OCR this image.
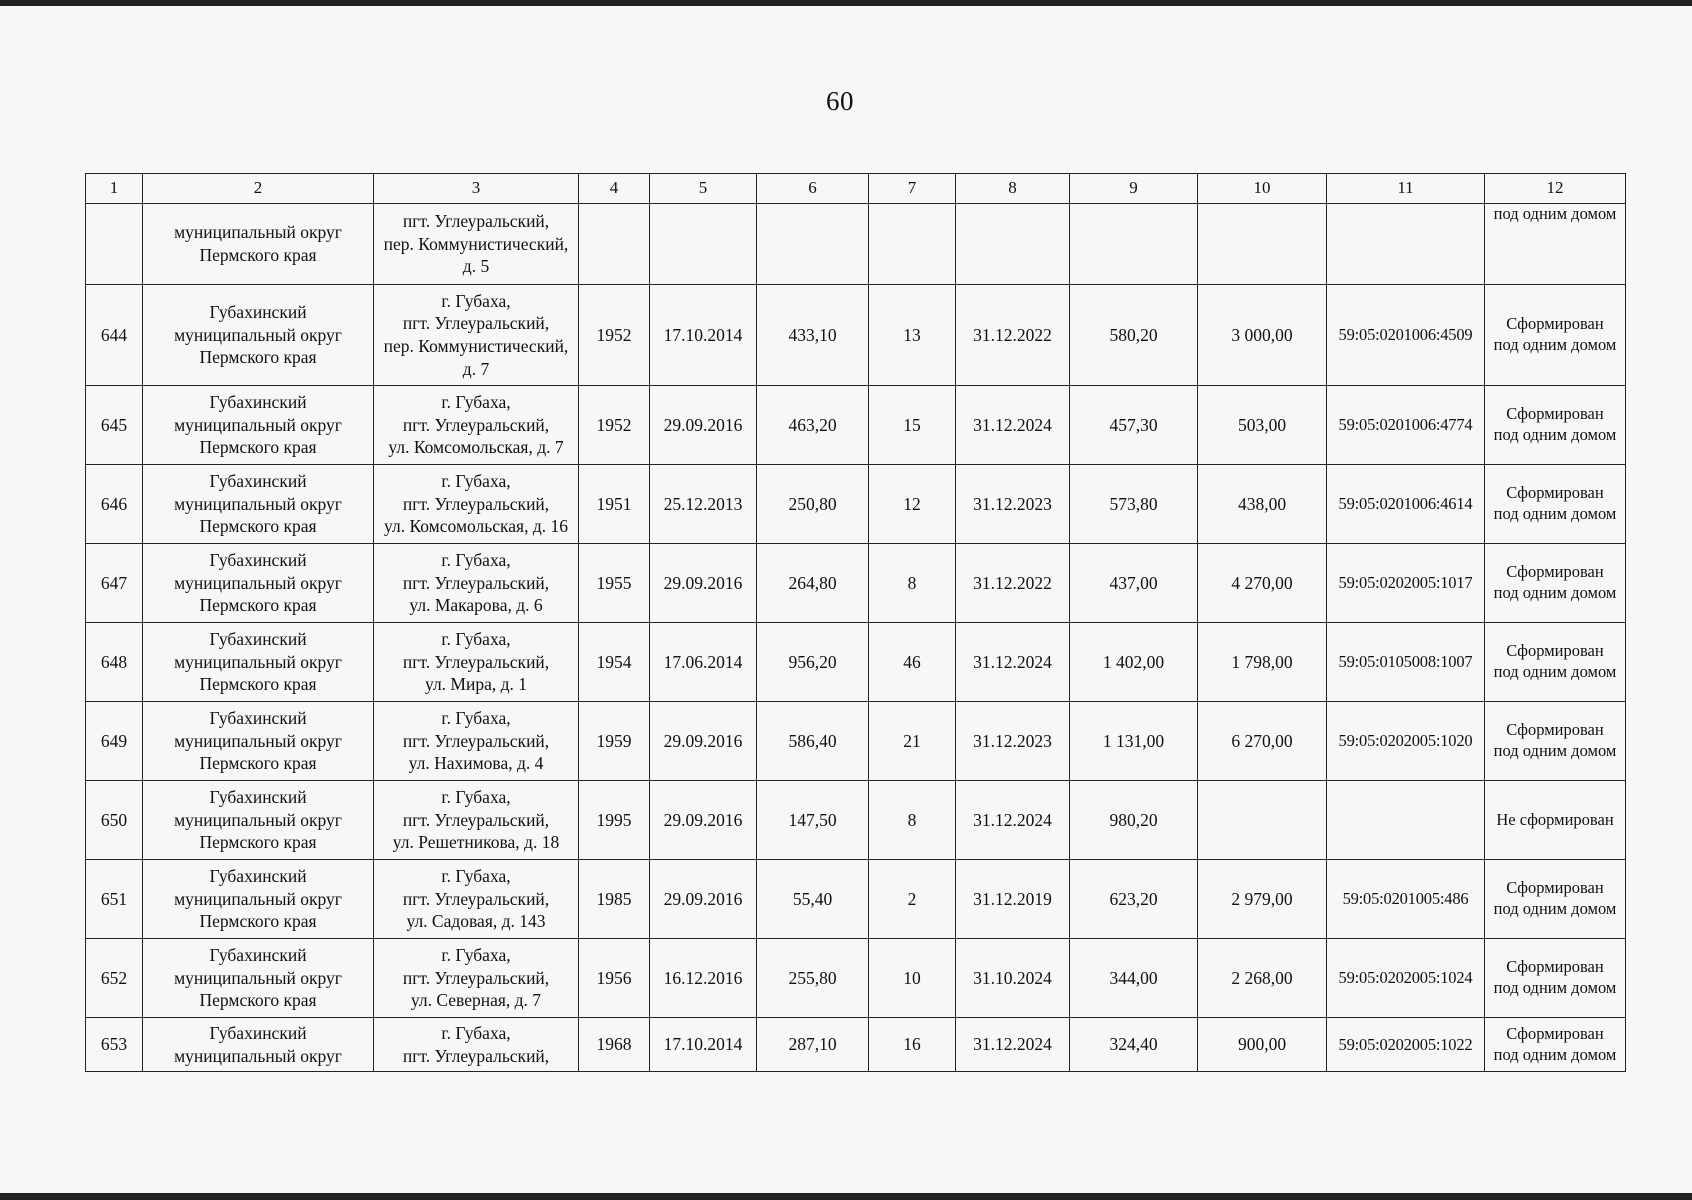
60
1	2	3	4	5	6	7	8	9	10	11	12

	муниципальный округ
Пермского края	пгт. Углеуральский,
пер. Коммунистический,
д. 5									под одним домом

644	Губахинский
муниципальный округ
Пермского края	г. Губаха,
пгт. Углеуральский,
пер. Коммунистический,
д. 7	1952	17.10.2014	433,10	13	31.12.2022	580,20	3 000,00	59:05:0201006:4509	Сформирован
под одним домом

645	Губахинский
муниципальный округ
Пермского края	г. Губаха,
пгт. Углеуральский,
ул. Комсомольская, д. 7	1952	29.09.2016	463,20	15	31.12.2024	457,30	503,00	59:05:0201006:4774	Сформирован
под одним домом

646	Губахинский
муниципальный округ
Пермского края	г. Губаха,
пгт. Углеуральский,
ул. Комсомольская, д. 16	1951	25.12.2013	250,80	12	31.12.2023	573,80	438,00	59:05:0201006:4614	Сформирован
под одним домом

647	Губахинский
муниципальный округ
Пермского края	г. Губаха,
пгт. Углеуральский,
ул. Макарова, д. 6	1955	29.09.2016	264,80	8	31.12.2022	437,00	4 270,00	59:05:0202005:1017	Сформирован
под одним домом

648	Губахинский
муниципальный округ
Пермского края	г. Губаха,
пгт. Углеуральский,
ул. Мира, д. 1	1954	17.06.2014	956,20	46	31.12.2024	1 402,00	1 798,00	59:05:0105008:1007	Сформирован
под одним домом

649	Губахинский
муниципальный округ
Пермского края	г. Губаха,
пгт. Углеуральский,
ул. Нахимова, д. 4	1959	29.09.2016	586,40	21	31.12.2023	1 131,00	6 270,00	59:05:0202005:1020	Сформирован
под одним домом

650	Губахинский
муниципальный округ
Пермского края	г. Губаха,
пгт. Углеуральский,
ул. Решетникова, д. 18	1995	29.09.2016	147,50	8	31.12.2024	980,20			Не сформирован

651	Губахинский
муниципальный округ
Пермского края	г. Губаха,
пгт. Углеуральский,
ул. Садовая, д. 143	1985	29.09.2016	55,40	2	31.12.2019	623,20	2 979,00	59:05:0201005:486	Сформирован
под одним домом

652	Губахинский
муниципальный округ
Пермского края	г. Губаха,
пгт. Углеуральский,
ул. Северная, д. 7	1956	16.12.2016	255,80	10	31.10.2024	344,00	2 268,00	59:05:0202005:1024	Сформирован
под одним домом

653	Губахинский
муниципальный округ	г. Губаха,
пгт. Углеуральский,	1968	17.10.2014	287,10	16	31.12.2024	324,40	900,00	59:05:0202005:1022	Сформирован
под одним домом
